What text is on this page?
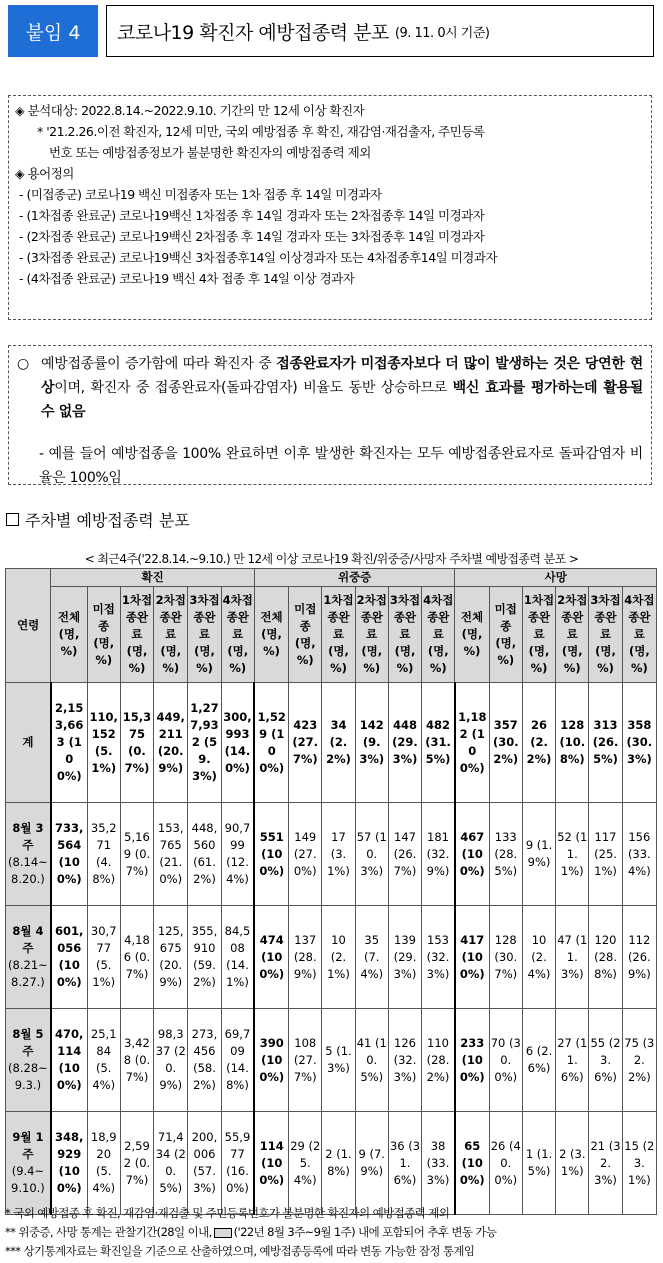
붙임 4	코로나19 확진자 예방접종력 분포 (9. 11. 0시 기준)
◈ 분석대상: 2022.8.14.~2022.9.10. 기간의 만 12세 이상 확진자
* '21.2.26.이전 확진자, 12세 미만, 국외 예방접종 후 확진, 재감염·재검출자, 주민등록
번호 또는 예방접종정보가 불분명한 확진자의 예방접종력 제외
◈ 용어정의
- (미접종군) 코로나19 백신 미접종자 또는 1차 접종 후 14일 미경과자
- (1차접종 완료군) 코로나19백신 1차접종 후 14일 경과자 또는 2차접종후 14일 미경과자
- (2차접종 완료군) 코로나19백신 2차접종 후 14일 경과자 또는 3차접종후 14일 미경과자
- (3차접종 완료군) 코로나19백신 3차접종후14일 이상경과자 또는 4차접종후14일 미경과자
- (4차접종 완료군) 코로나19 백신 4차 접종 후 14일 이상 경과자
○ 예방접종률이 증가함에 따라 확진자 중 접종완료자가 미접종자보다 더 많이 발생하는 것은 당연한 현상이며, 확진자 중 접종완료자(돌파감염자) 비율도 동반 상승하므로 백신 효과를 평가하는데 활용될 수 없음
- 예를 들어 예방접종을 100% 완료하면 이후 발생한 확진자는 모두 예방접종완료자로 돌파감염자 비율은 100%임
주차별 예방접종력 분포
< 최근4주('22.8.14.~9.10.) 만 12세 이상 코로나19 확진/위중증/사망자 주차별 예방접종력 분포 >
연령	확진						위중증						사망					
	전체 (명, %)	미접종 (명, %)	1차접종완료 (명, %)	2차접종완료 (명, %)	3차접종완료 (명, %)	4차접종완료 (명, %)	전체 (명, %)	미접종 (명, %)	1차접종완료 (명, %)	2차접종완료 (명, %)	3차접종완료 (명, %)	4차접종완료 (명, %)	전체 (명, %)	미접종 (명, %)	1차접종완료 (명, %)	2차접종완료 (명, %)	3차접종완료 (명, %)	4차접종완료 (명, %)
계	2,153,663 (100%)	110,152 (5.1%)	15,375 (0.7%)	449,211 (20.9%)	1,277,932 (59.3%)	300,993 (14.0%)	1,529 (100%)	423 (27.7%)	34 (2.2%)	142 (9.3%)	448 (29.3%)	482 (31.5%)	1,182 (100%)	357 (30.2%)	26 (2.2%)	128 (10.8%)	313 (26.5%)	358 (30.3%)
8월 3주
(8.14~8.20.)	733,564 (100%)	35,271 (4.8%)	5,169 (0.7%)	153,765 (21.0%)	448,560 (61.2%)	90,799 (12.4%)	551 (100%)	149 (27.0%)	17 (3.1%)	57 (10.3%)	147 (26.7%)	181 (32.9%)	467 (100%)	133 (28.5%)	9 (1.9%)	52 (11.1%)	117 (25.1%)	156 (33.4%)
8월 4주
(8.21~8.27.)	601,056 (100%)	30,777 (5.1%)	4,186 (0.7%)	125,675 (20.9%)	355,910 (59.2%)	84,508 (14.1%)	474 (100%)	137 (28.9%)	10 (2.1%)	35 (7.4%)	139 (29.3%)	153 (32.3%)	417 (100%)	128 (30.7%)	10 (2.4%)	47 (11.3%)	120 (28.8%)	112 (26.9%)
8월 5주
(8.28~9.3.)	470,114 (100%)	25,184 (5.4%)	3,428 (0.7%)	98,337 (20.9%)	273,456 (58.2%)	69,709 (14.8%)	390 (100%)	108 (27.7%)	5 (1.3%)	41 (10.5%)	126 (32.3%)	110 (28.2%)	233 (100%)	70 (30.0%)	6 (2.6%)	27 (11.6%)	55 (23.6%)	75 (32.2%)
9월 1주
(9.4~9.10.)	348,929 (100%)	18,920 (5.4%)	2,592 (0.7%)	71,434 (20.5%)	200,006 (57.3%)	55,977 (16.0%)	114 (100%)	29 (25.4%)	2 (1.8%)	9 (7.9%)	36 (31.6%)	38 (33.3%)	65 (100%)	26 (40.0%)	1 (1.5%)	2 (3.1%)	21 (32.3%)	15 (23.1%)
* 국외 예방접종 후 확진, 재감염·재검출 및 주민등록번호가 불분명한 확진자의 예방접종력 제외
** 위중증, 사망 통계는 관찰기간(28일 이내, ('22년 8월 3주~9월 1주) 내에 포함되어 추후 변동 가능
*** 상기통계자료는 확진일을 기준으로 산출하였으며, 예방접종등록에 따라 변동 가능한 잠정 통계임
